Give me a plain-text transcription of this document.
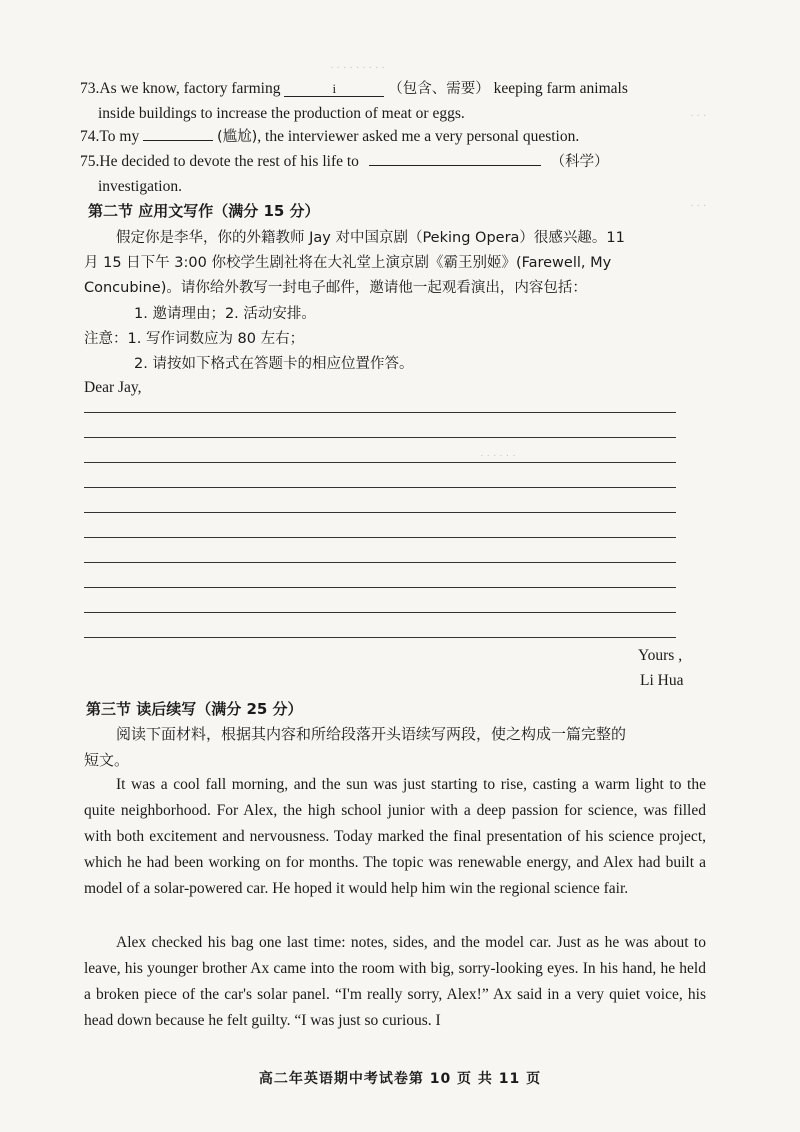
· · · · · · · · ·
· · ·
· · ·
· · · · · ·
73.As we know, factory farming	i	（包含、需要） keeping farm animals
inside buildings to increase the production of meat or eggs.
74.To my	(尴尬), the interviewer asked me a very personal question.
75.He decided to devote the rest of his life to	（科学）
investigation.
第二节 应用文写作（满分 15 分）
假定你是李华，你的外籍教师 Jay 对中国京剧（Peking Opera）很感兴趣。11
月 15 日下午 3:00 你校学生剧社将在大礼堂上演京剧《霸王别姬》(Farewell, My
Concubine)。请你给外教写一封电子邮件，邀请他一起观看演出，内容包括：
1. 邀请理由；2. 活动安排。
注意：1. 写作词数应为 80 左右；
2. 请按如下格式在答题卡的相应位置作答。
Dear Jay,
Yours ,
Li Hua
第三节 读后续写（满分 25 分）
阅读下面材料，根据其内容和所给段落开头语续写两段，使之构成一篇完整的
短文。

It was a cool fall morning, and the sun was just starting to rise, casting a warm light to the quite neighborhood. For Alex, the high school junior with a deep passion for science, was filled with both excitement and nervousness. Today marked the final presentation of his science project, which he had been working on for months. The topic was renewable energy, and Alex had built a model of a solar-powered car. He hoped it would help him win the regional science fair.

Alex checked his bag one last time: notes, sides, and the model car. Just as he was about to leave, his younger brother Ax came into the room with big, sorry-looking eyes. In his hand, he held a broken piece of the car's solar panel. “I'm really sorry, Alex!” Ax said in a very quiet voice, his head down because he felt guilty. “I was just so curious. I

高二年英语期中考试卷第 10 页 共 11 页
